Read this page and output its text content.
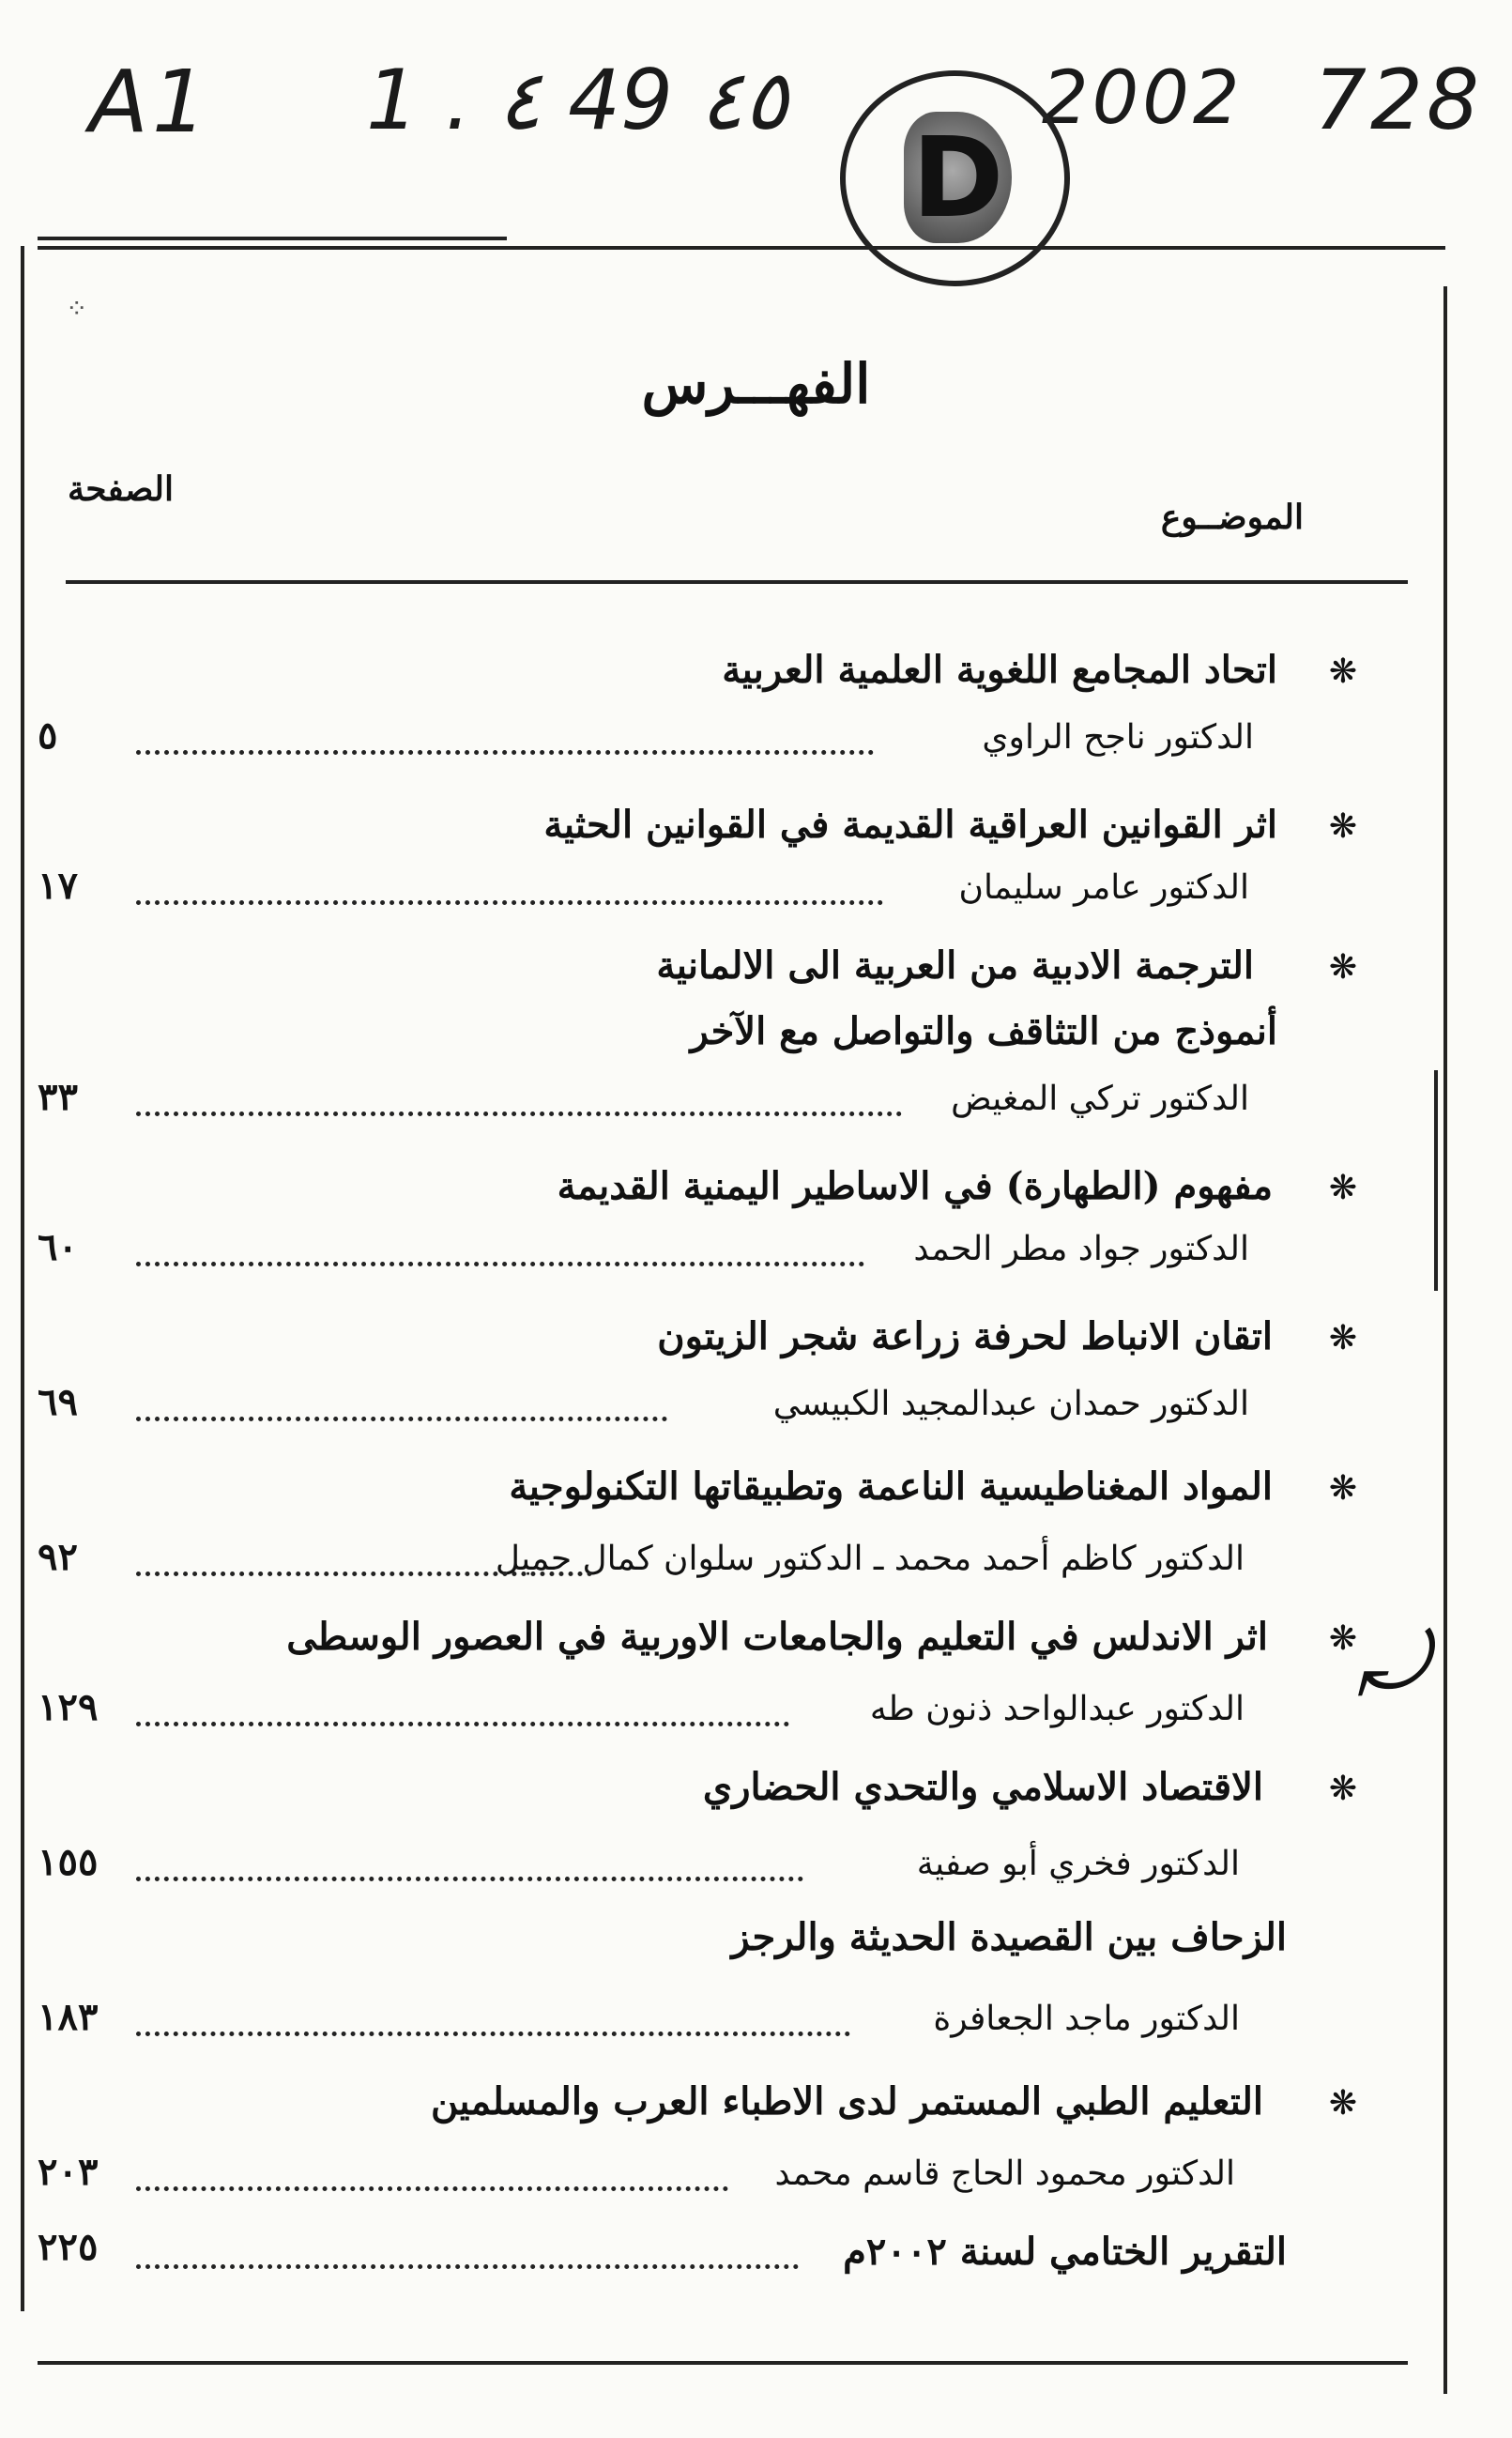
A1 1 . ٤ 49 ٤٥	2002 728
D
⁘
الفهـــرس
الموضــوع
الصفحة
❋
اتحاد المجامع اللغوية العلمية العربية
الدكتور ناجح الراوي
٥
❋
اثر القوانين العراقية القديمة في القوانين الحثية
الدكتور عامر سليمان
١٧
❋
الترجمة الادبية من العربية الى الالمانية
أنموذج من التثاقف والتواصل مع الآخر
الدكتور تركي المغيض
٣٣
❋
مفهوم (الطهارة) في الاساطير اليمنية القديمة
الدكتور جواد مطر الحمد
٦٠
❋
اتقان الانباط لحرفة زراعة شجر الزيتون
الدكتور حمدان عبدالمجيد الكبيسي
٦٩
❋
المواد المغناطيسية الناعمة وتطبيقاتها التكنولوجية
الدكتور كاظم أحمد محمد ـ الدكتور سلوان كمال جميل
٩٢
❋
اثر الاندلس في التعليم والجامعات الاوربية في العصور الوسطى
الدكتور عبدالواحد ذنون طه
١٢٩
❋
الاقتصاد الاسلامي والتحدي الحضاري
الدكتور فخري أبو صفية
١٥٥
الزحاف بين القصيدة الحديثة والرجز
الدكتور ماجد الجعافرة
١٨٣
❋
التعليم الطبي المستمر لدى الاطباء العرب والمسلمين
الدكتور محمود الحاج قاسم محمد
٢٠٣
التقرير الختامي لسنة ٢٠٠٢م
٢٢٥
⤾
